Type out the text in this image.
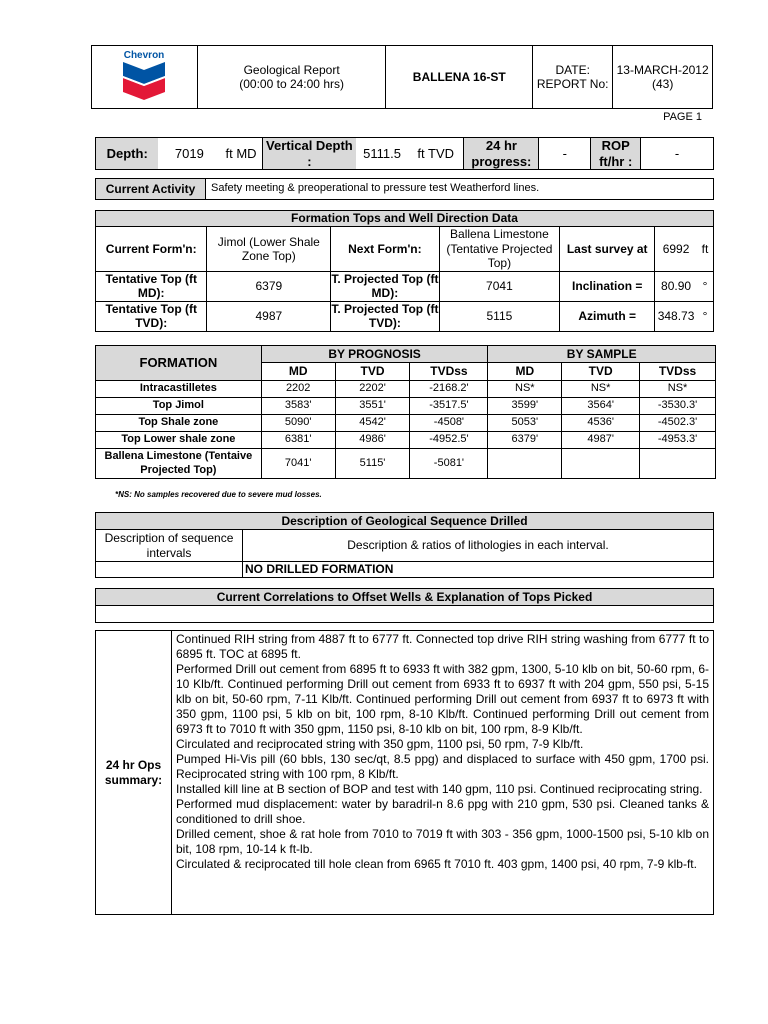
Chevron

Geological Report
(00:00 to 24:00 hrs)
	BALLENA 16-ST	
DATE:
REPORT No:

13-MARCH-2012
(43)
PAGE 1
Depth:	7019	ft MD	Vertical Depth :	5111.5	ft TVD	24 hr progress:	-	ROP ft/hr :	-
Current Activity	Safety meeting & preoperational to pressure test Weatherford lines.
Formation Tops and Well Direction Data						
Current Form'n:	Jimol (Lower Shale Zone Top)	Next Form'n:	Ballena Limestone (Tentative Projected Top)	Last survey at	6992	ft
Tentative Top (ft MD):	6379	T. Projected Top (ft MD):	7041	Inclination =	80.90	°
Tentative Top (ft TVD):	4987	T. Projected Top (ft TVD):	5115	Azimuth =	348.73	°
FORMATION	BY PROGNOSIS			BY SAMPLE		
	MD	TVD	TVDss	MD	TVD	TVDss
Intracastilletes	2202	2202'	-2168.2'	NS*	NS*	NS*
Top Jimol	3583'	3551'	-3517.5'	3599'	3564'	-3530.3'
Top Shale zone	5090'	4542'	-4508'	5053'	4536'	-4502.3'
Top Lower shale zone	6381'	4986'	-4952.5'	6379'	4987'	-4953.3'
Ballena Limestone (Tentaive Projected Top)	7041'	5115'	-5081'			
*NS: No samples recovered due to severe mud losses.
Description of Geological Sequence Drilled	
Description of sequence intervals	Description & ratios of lithologies in each interval.
	NO DRILLED FORMATION
Current Correlations to Offset Wells & Explanation of Tops Picked

24 hr Ops summary:	

Continued RIH string from 4887 ft to 6777 ft. Connected top drive RIH string washing from 6777 ft to 6895 ft. TOC at 6895 ft.

Performed Drill out cement from 6895 ft to 6933 ft with 382 gpm, 1300, 5-10 klb on bit, 50-60 rpm, 6-10 Klb/ft. Continued performing Drill out cement from 6933 ft to 6937 ft with 204 gpm, 550 psi, 5-15 klb on bit, 50-60 rpm, 7-11 Klb/ft. Continued performing Drill out cement from 6937 ft to 6973 ft with 350 gpm, 1100 psi, 5 klb on bit, 100 rpm, 8-10 Klb/ft. Continued performing Drill out cement from 6973 ft to 7010 ft with 350 gpm, 1150 psi, 8-10 klb on bit, 100 rpm, 8-9 Klb/ft.

Circulated and reciprocated string with 350 gpm, 1100 psi, 50 rpm, 7-9 Klb/ft.

Pumped Hi-Vis pill (60 bbls, 130 sec/qt, 8.5 ppg) and displaced to surface with 450 gpm, 1700 psi. Reciprocated string with 100 rpm, 8 Klb/ft.

Installed kill line at B section of BOP and test with 140 gpm, 110 psi. Continued reciprocating string.

Performed mud displacement: water by baradril-n 8.6 ppg with 210 gpm, 530 psi. Cleaned tanks & conditioned to drill shoe.

Drilled cement, shoe & rat hole from 7010 to 7019 ft with 303 - 356 gpm, 1000-1500 psi, 5-10 klb on bit, 108 rpm, 10-14 k ft-lb.

Circulated & reciprocated till hole clean from 6965 ft 7010 ft. 403 gpm, 1400 psi, 40 rpm, 7-9 klb-ft.
